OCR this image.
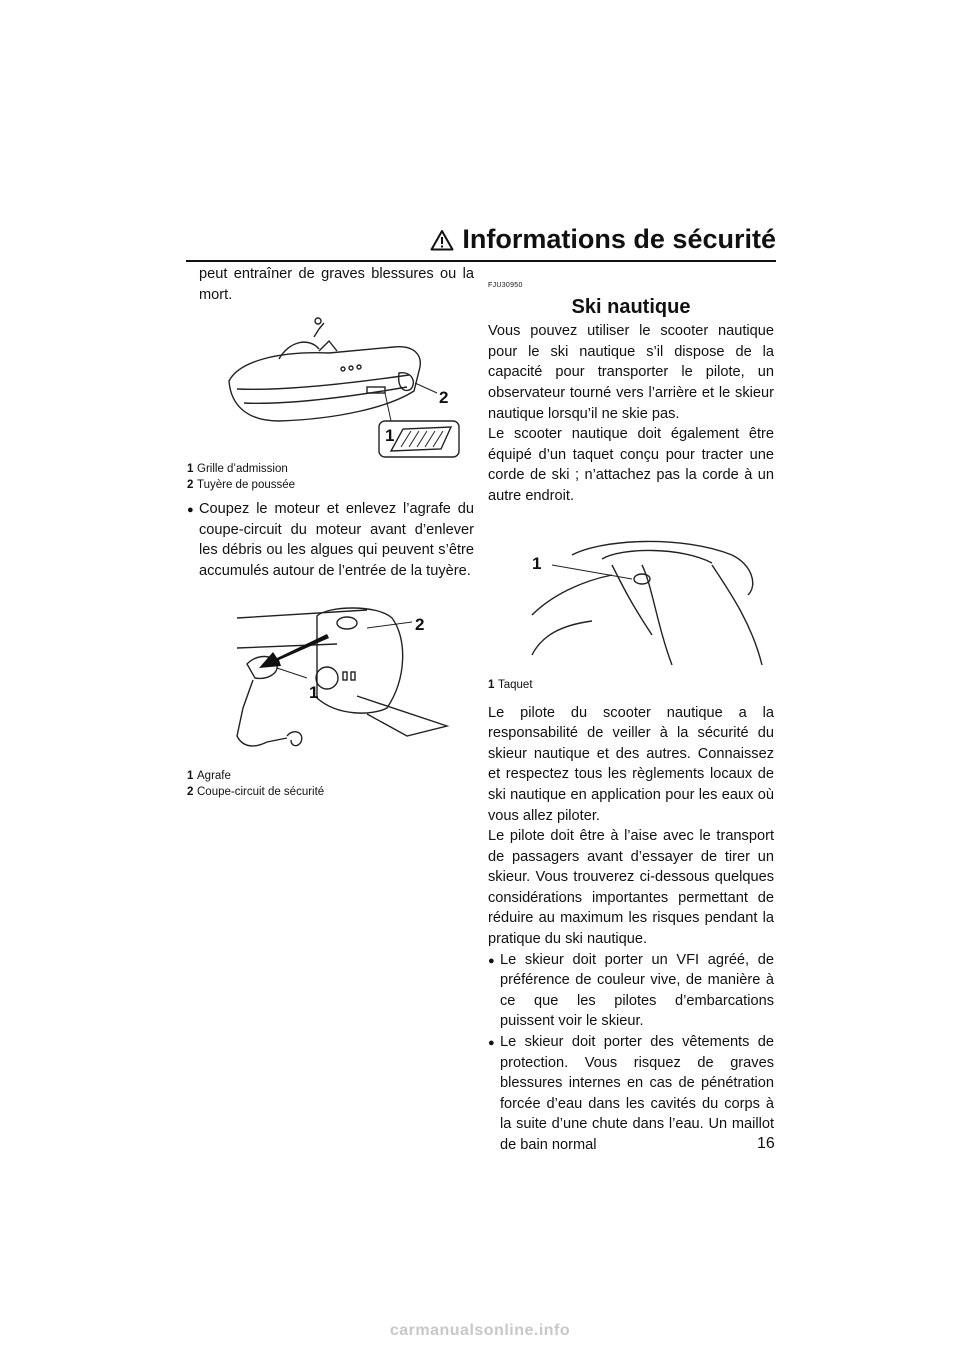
Informations de sécurité

peut entraîner de graves blessures ou la mort.

2
1

1 Grille d’admission

2 Tuyère de poussée

● Coupez le moteur et enlevez l’agrafe du coupe-circuit du moteur avant d’enlever les débris ou les algues qui peuvent s’être accumulés autour de l’entrée de la tuyère.
2
1

1 Agrafe

2 Coupe-circuit de sécurité

FJU30950

Ski nautique

Vous pouvez utiliser le scooter nautique pour le ski nautique s’il dispose de la capacité pour transporter le pilote, un observateur tourné vers l’arrière et le skieur nautique lorsqu’il ne skie pas.

Le scooter nautique doit également être équipé d’un taquet conçu pour tracter une corde de ski ; n’attachez pas la corde à un autre endroit.

1

1 Taquet

Le pilote du scooter nautique a la responsabilité de veiller à la sécurité du skieur nautique et des autres. Connaissez et respectez tous les règlements locaux de ski nautique en application pour les eaux où vous allez piloter.

Le pilote doit être à l’aise avec le transport de passagers avant d’essayer de tirer un skieur. Vous trouverez ci-dessous quelques considérations importantes permettant de réduire au maximum les risques pendant la pratique du ski nautique.

● Le skieur doit porter un VFI agréé, de préférence de couleur vive, de manière à ce que les pilotes d’embarcations puissent voir le skieur.
● Le skieur doit porter des vêtements de protection. Vous risquez de graves blessures internes en cas de pénétration forcée d’eau dans les cavités du corps à la suite d’une chute dans l’eau. Un maillot de bain normal	16
carmanualsonline.info
